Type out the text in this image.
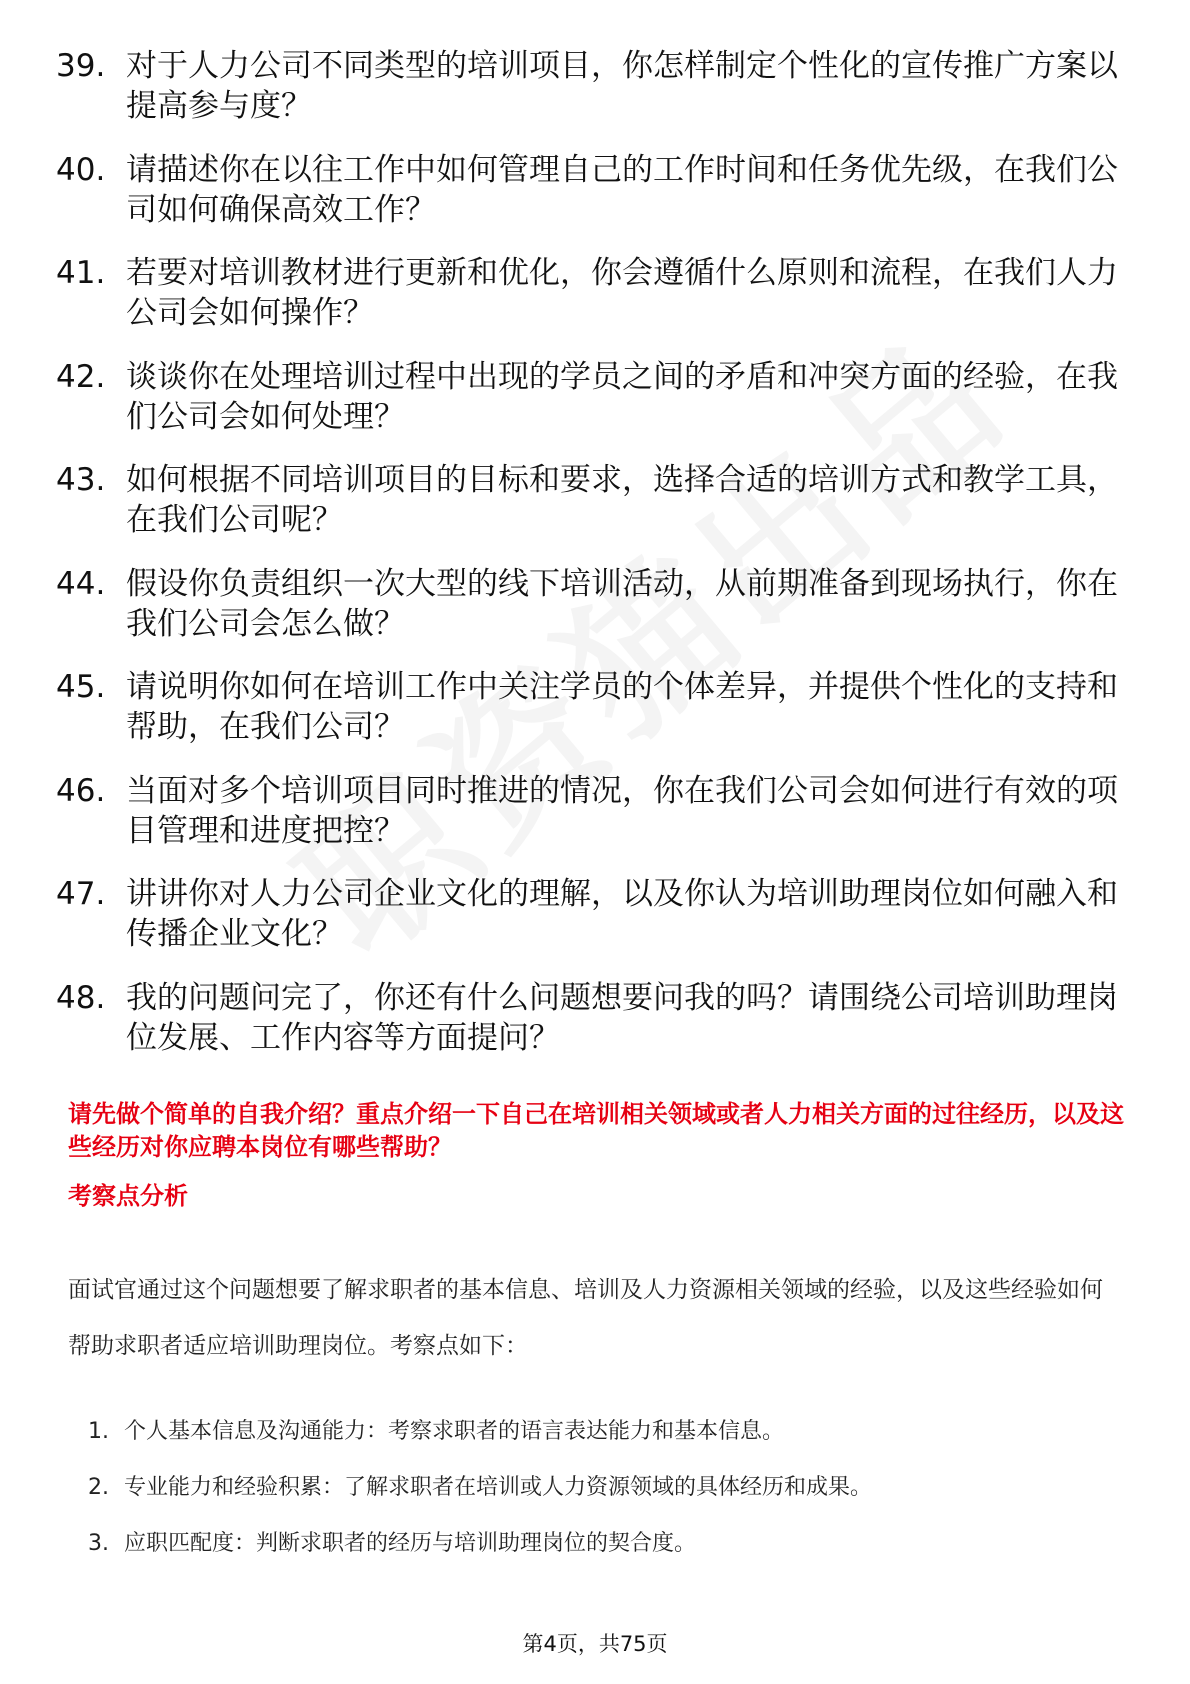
39. 对于人力公司不同类型的培训项目，你怎样制定个性化的宣传推广方案以提高参与度？
40. 请描述你在以往工作中如何管理自己的工作时间和任务优先级，在我们公司如何确保高效工作？
41. 若要对培训教材进行更新和优化，你会遵循什么原则和流程，在我们人力公司会如何操作？
42. 谈谈你在处理培训过程中出现的学员之间的矛盾和冲突方面的经验，在我们公司会如何处理？
43. 如何根据不同培训项目的目标和要求，选择合适的培训方式和教学工具，在我们公司呢？
44. 假设你负责组织一次大型的线下培训活动，从前期准备到现场执行，你在我们公司会怎么做？
45. 请说明你如何在培训工作中关注学员的个体差异，并提供个性化的支持和帮助，在我们公司？
46. 当面对多个培训项目同时推进的情况，你在我们公司会如何进行有效的项目管理和进度把控？
47. 讲讲你对人力公司企业文化的理解，以及你认为培训助理岗位如何融入和传播企业文化？
48. 我的问题问完了，你还有什么问题想要问我的吗？请围绕公司培训助理岗位发展、工作内容等方面提问？
请先做个简单的自我介绍？重点介绍一下自己在培训相关领域或者人力相关方面的过往经历，以及这些经历对你应聘本岗位有哪些帮助？
考察点分析
面试官通过这个问题想要了解求职者的基本信息、培训及人力资源相关领域的经验，以及这些经验如何帮助求职者适应培训助理岗位。考察点如下：
1. 个人基本信息及沟通能力：考察求职者的语言表达能力和基本信息。
2. 专业能力和经验积累：了解求职者在培训或人力资源领域的具体经历和成果。
3. 应职匹配度：判断求职者的经历与培训助理岗位的契合度。
第4页，共75页
